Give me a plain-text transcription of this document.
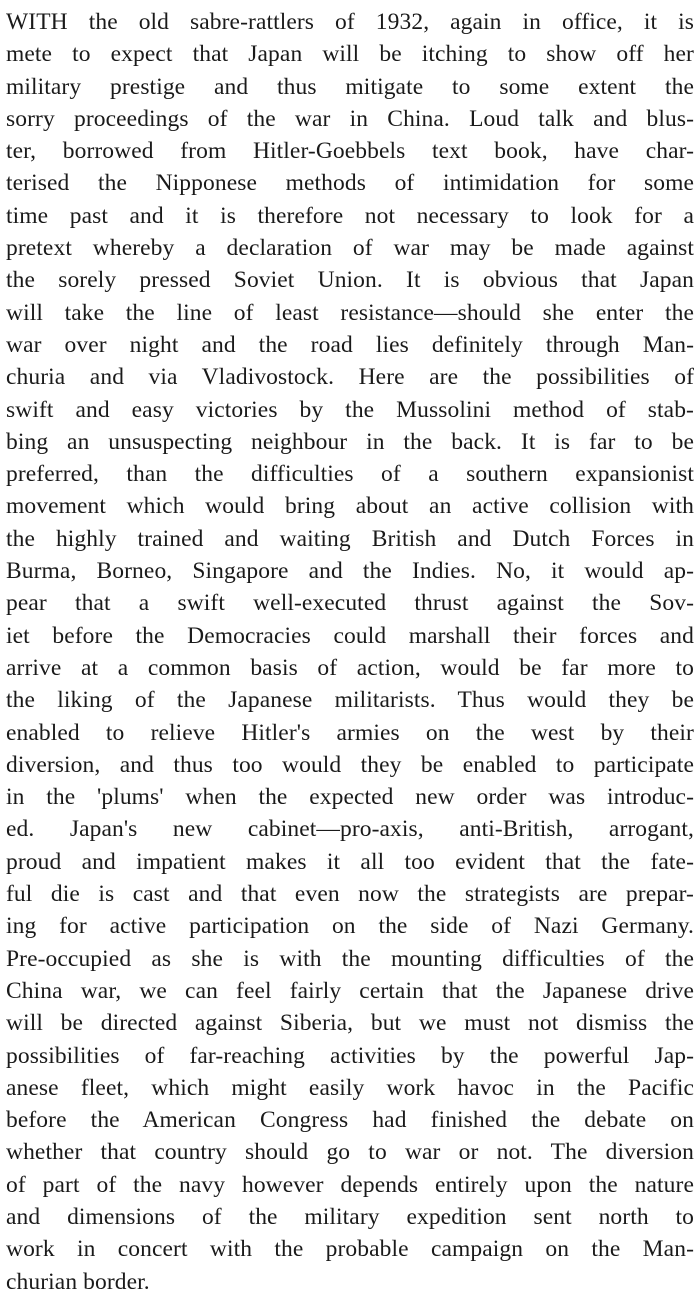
WITH the old sabre-rattlers of 1932, again in office, it is
mete to expect that Japan will be itching to show off her
military prestige and thus mitigate to some extent the
sorry proceedings of the war in China. Loud talk and blus-
ter, borrowed from Hitler-Goebbels text book, have char-
terised the Nipponese methods of intimidation for some
time past and it is therefore not necessary to look for a
pretext whereby a declaration of war may be made against
the sorely pressed Soviet Union. It is obvious that Japan
will take the line of least resistance—should she enter the
war over night and the road lies definitely through Man-
churia and via Vladivostock. Here are the possibilities of
swift and easy victories by the Mussolini method of stab-
bing an unsuspecting neighbour in the back. It is far to be
preferred, than the difficulties of a southern expansionist
movement which would bring about an active collision with
the highly trained and waiting British and Dutch Forces in
Burma, Borneo, Singapore and the Indies. No, it would ap-
pear that a swift well-executed thrust against the Sov-
iet before the Democracies could marshall their forces and
arrive at a common basis of action, would be far more to
the liking of the Japanese militarists. Thus would they be
enabled to relieve Hitler's armies on the west by their
diversion, and thus too would they be enabled to participate
in the 'plums' when the expected new order was introduc-
ed. Japan's new cabinet—pro-axis, anti-British, arrogant,
proud and impatient makes it all too evident that the fate-
ful die is cast and that even now the strategists are prepar-
ing for active participation on the side of Nazi Germany.
Pre-occupied as she is with the mounting difficulties of the
China war, we can feel fairly certain that the Japanese drive
will be directed against Siberia, but we must not dismiss the
possibilities of far-reaching activities by the powerful Jap-
anese fleet, which might easily work havoc in the Pacific
before the American Congress had finished the debate on
whether that country should go to war or not. The diversion
of part of the navy however depends entirely upon the nature
and dimensions of the military expedition sent north to
work in concert with the probable campaign on the Man-
churian border.
